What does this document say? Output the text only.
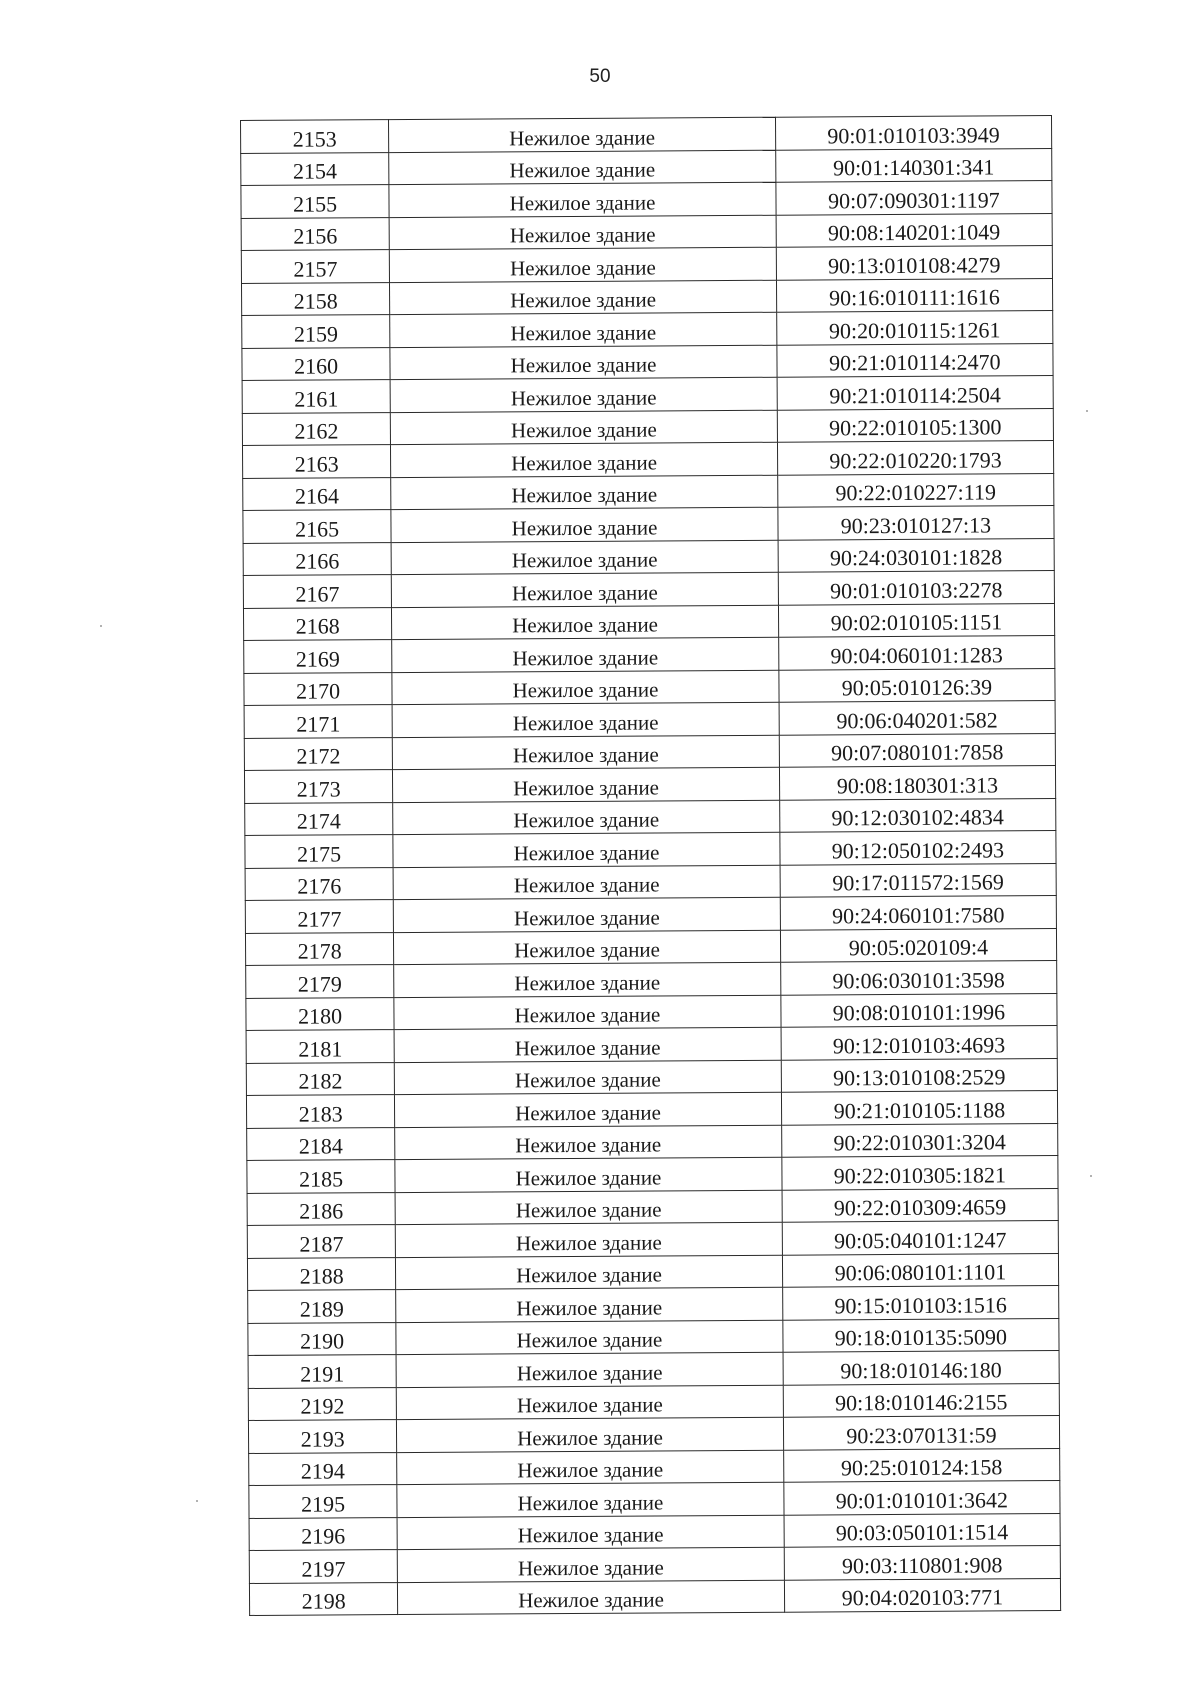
50
2153	Нежилое здание	90:01:010103:3949
2154	Нежилое здание	90:01:140301:341
2155	Нежилое здание	90:07:090301:1197
2156	Нежилое здание	90:08:140201:1049
2157	Нежилое здание	90:13:010108:4279
2158	Нежилое здание	90:16:010111:1616
2159	Нежилое здание	90:20:010115:1261
2160	Нежилое здание	90:21:010114:2470
2161	Нежилое здание	90:21:010114:2504
2162	Нежилое здание	90:22:010105:1300
2163	Нежилое здание	90:22:010220:1793
2164	Нежилое здание	90:22:010227:119
2165	Нежилое здание	90:23:010127:13
2166	Нежилое здание	90:24:030101:1828
2167	Нежилое здание	90:01:010103:2278
2168	Нежилое здание	90:02:010105:1151
2169	Нежилое здание	90:04:060101:1283
2170	Нежилое здание	90:05:010126:39
2171	Нежилое здание	90:06:040201:582
2172	Нежилое здание	90:07:080101:7858
2173	Нежилое здание	90:08:180301:313
2174	Нежилое здание	90:12:030102:4834
2175	Нежилое здание	90:12:050102:2493
2176	Нежилое здание	90:17:011572:1569
2177	Нежилое здание	90:24:060101:7580
2178	Нежилое здание	90:05:020109:4
2179	Нежилое здание	90:06:030101:3598
2180	Нежилое здание	90:08:010101:1996
2181	Нежилое здание	90:12:010103:4693
2182	Нежилое здание	90:13:010108:2529
2183	Нежилое здание	90:21:010105:1188
2184	Нежилое здание	90:22:010301:3204
2185	Нежилое здание	90:22:010305:1821
2186	Нежилое здание	90:22:010309:4659
2187	Нежилое здание	90:05:040101:1247
2188	Нежилое здание	90:06:080101:1101
2189	Нежилое здание	90:15:010103:1516
2190	Нежилое здание	90:18:010135:5090
2191	Нежилое здание	90:18:010146:180
2192	Нежилое здание	90:18:010146:2155
2193	Нежилое здание	90:23:070131:59
2194	Нежилое здание	90:25:010124:158
2195	Нежилое здание	90:01:010101:3642
2196	Нежилое здание	90:03:050101:1514
2197	Нежилое здание	90:03:110801:908
2198	Нежилое здание	90:04:020103:771
